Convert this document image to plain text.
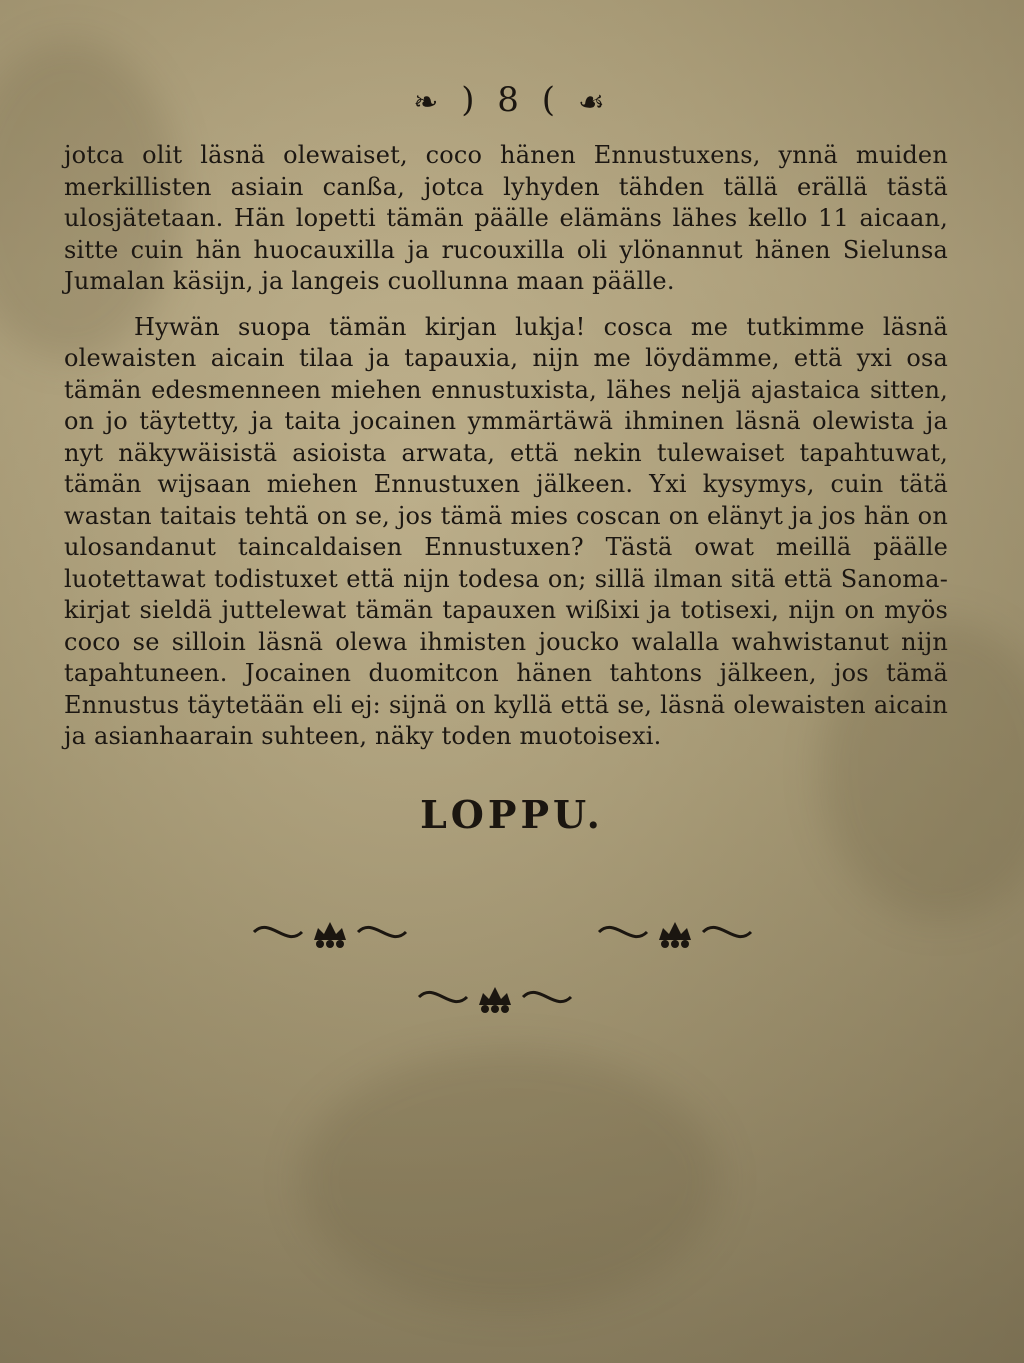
❧ ) 8 ( ☙

jotca olit läsnä olewaiset, coco hänen Ennustuxens, ynnä muiden merkillisten asiain canßa, jotca lyhyden tähden tällä erällä tästä ulosjätetaan. Hän lopetti tämän päälle elämäns lähes kello 11 aicaan, sitte cuin hän huocauxilla ja rucouxilla oli ylönannut hänen Sielunsa Jumalan käsijn, ja langeis cuollunna maan päälle.

Hywän suopa tämän kirjan lukja! cosca me tutkimme läsnä olewaisten aicain tilaa ja tapauxia, nijn me löydämme, että yxi osa tämän edesmenneen miehen ennustuxista, lähes neljä ajastaica sitten, on jo täytetty, ja taita jocainen ymmärtäwä ihminen läsnä olewista ja nyt näkywäisistä asioista arwata, että nekin tulewaiset tapahtuwat, tämän wijsaan miehen Ennustuxen jälkeen. Yxi kysymys, cuin tätä wastan taitais tehtä on se, jos tämä mies coscan on elänyt ja jos hän on ulosandanut taincaldaisen Ennustuxen? Tästä owat meillä päälle luotettawat todistuxet että nijn todesa on; sillä ilman sitä että Sanoma-kirjat sieldä juttelewat tämän tapauxen wißixi ja totisexi, nijn on myös coco se silloin läsnä olewa ihmisten joucko walalla wahwistanut nijn tapahtuneen. Jocainen duomitcon hänen tahtons jälkeen, jos tämä Ennustus täytetään eli ej: sijnä on kyllä että se, läsnä olewaisten aicain ja asianhaarain suhteen, näky toden muotoisexi.

LOPPU.
